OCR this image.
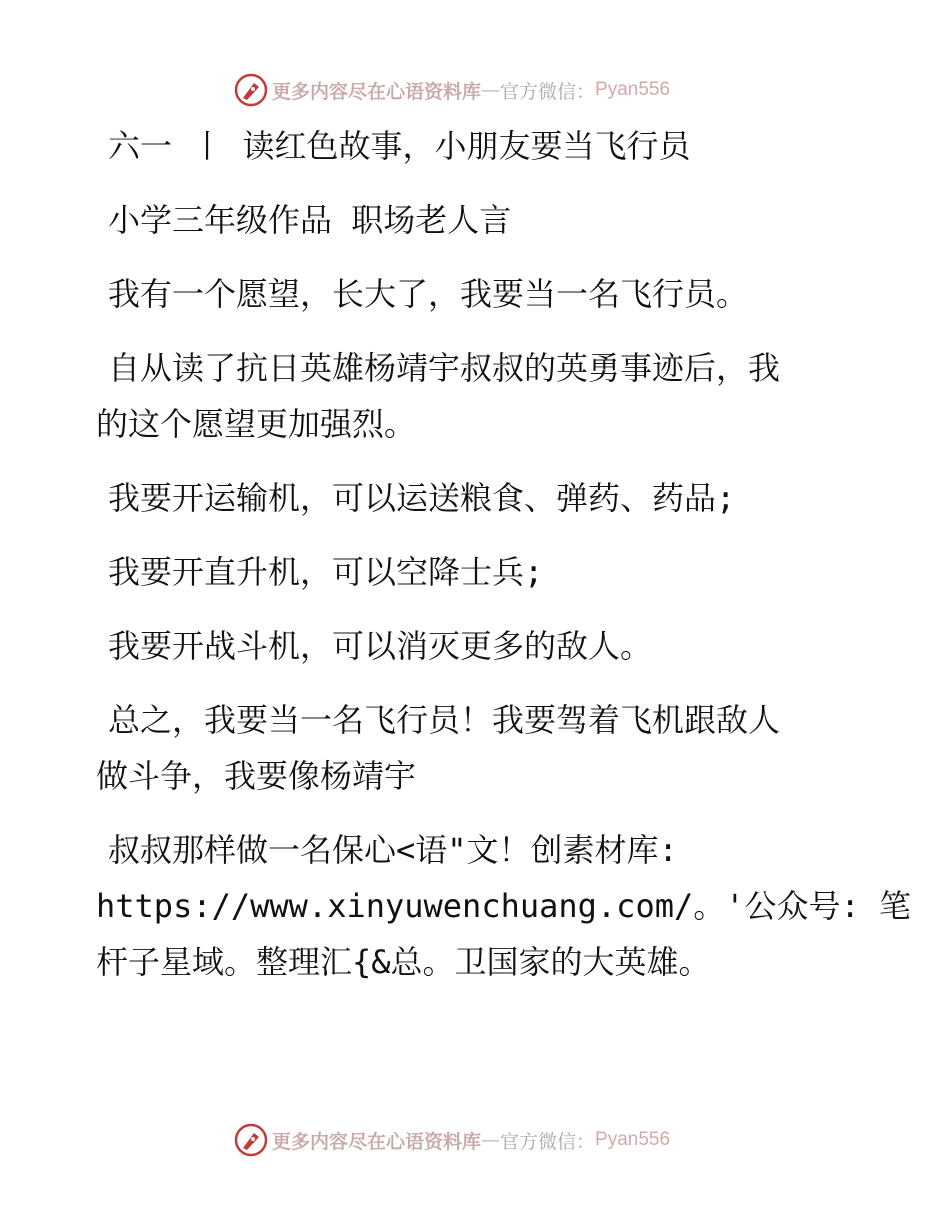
更多内容尽在心语资料库 — 官方微信： Pyan556
六一 丨 读红色故事，小朋友要当飞行员
小学三年级作品 职场老人言
我有一个愿望，长大了，我要当一名飞行员。
自从读了抗日英雄杨靖宇叔叔的英勇事迹后，我
的这个愿望更加强烈。
我要开运输机，可以运送粮食、弹药、药品;
我要开直升机，可以空降士兵;
我要开战斗机，可以消灭更多的敌人。
总之，我要当一名飞行员！我要驾着飞机跟敌人
做斗争，我要像杨靖宇
叔叔那样做一名保心<语"文！创素材库:
https://www.xinyuwenchuang.com/。'公众号: 笔
杆子星域。整理汇{&总。卫国家的大英雄。
更多内容尽在心语资料库 — 官方微信： Pyan556
